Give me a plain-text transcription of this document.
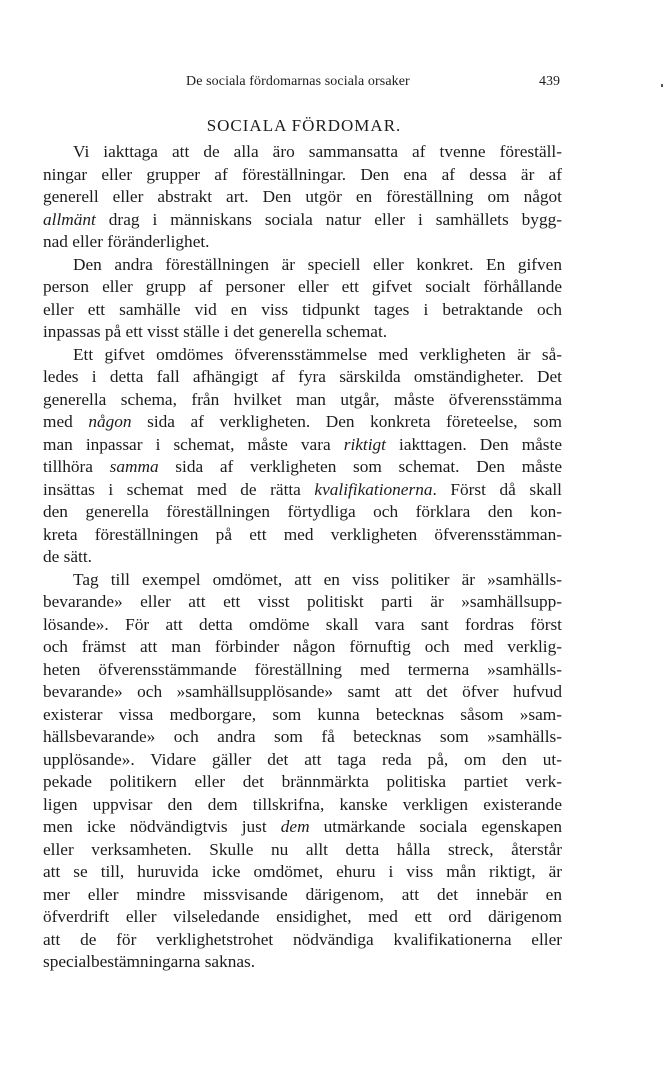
De sociala fördomarnas sociala orsaker	439
SOCIALA FÖRDOMAR.
Vi iakttaga att de alla äro sammansatta af tvenne föreställ-
ningar eller grupper af föreställningar. Den ena af dessa är af
generell eller abstrakt art. Den utgör en föreställning om något
allmänt drag i människans sociala natur eller i samhällets bygg-
nad eller föränderlighet.
Den andra föreställningen är speciell eller konkret. En gifven
person eller grupp af personer eller ett gifvet socialt förhållande
eller ett samhälle vid en viss tidpunkt tages i betraktande och
inpassas på ett visst ställe i det generella schemat.
Ett gifvet omdömes öfverensstämmelse med verkligheten är så-
ledes i detta fall afhängigt af fyra särskilda omständigheter. Det
generella schema, från hvilket man utgår, måste öfverensstämma
med någon sida af verkligheten. Den konkreta företeelse, som
man inpassar i schemat, måste vara riktigt iakttagen. Den måste
tillhöra samma sida af verkligheten som schemat. Den måste
insättas i schemat med de rätta kvalifikationerna. Först då skall
den generella föreställningen förtydliga och förklara den kon-
kreta föreställningen på ett med verkligheten öfverensstämman-
de sätt.
Tag till exempel omdömet, att en viss politiker är »samhälls-
bevarande» eller att ett visst politiskt parti är »samhällsupp-
lösande». För att detta omdöme skall vara sant fordras först
och främst att man förbinder någon förnuftig och med verklig-
heten öfverensstämmande föreställning med termerna »samhälls-
bevarande» och »samhällsupplösande» samt att det öfver hufvud
existerar vissa medborgare, som kunna betecknas såsom »sam-
hällsbevarande» och andra som få betecknas som »samhälls-
upplösande». Vidare gäller det att taga reda på, om den ut-
pekade politikern eller det brännmärkta politiska partiet verk-
ligen uppvisar den dem tillskrifna, kanske verkligen existerande
men icke nödvändigtvis just dem utmärkande sociala egenskapen
eller verksamheten. Skulle nu allt detta hålla streck, återstår
att se till, huruvida icke omdömet, ehuru i viss mån riktigt, är
mer eller mindre missvisande därigenom, att det innebär en
öfverdrift eller vilseledande ensidighet, med ett ord därigenom
att de för verklighetstrohet nödvändiga kvalifikationerna eller
specialbestämningarna saknas.
